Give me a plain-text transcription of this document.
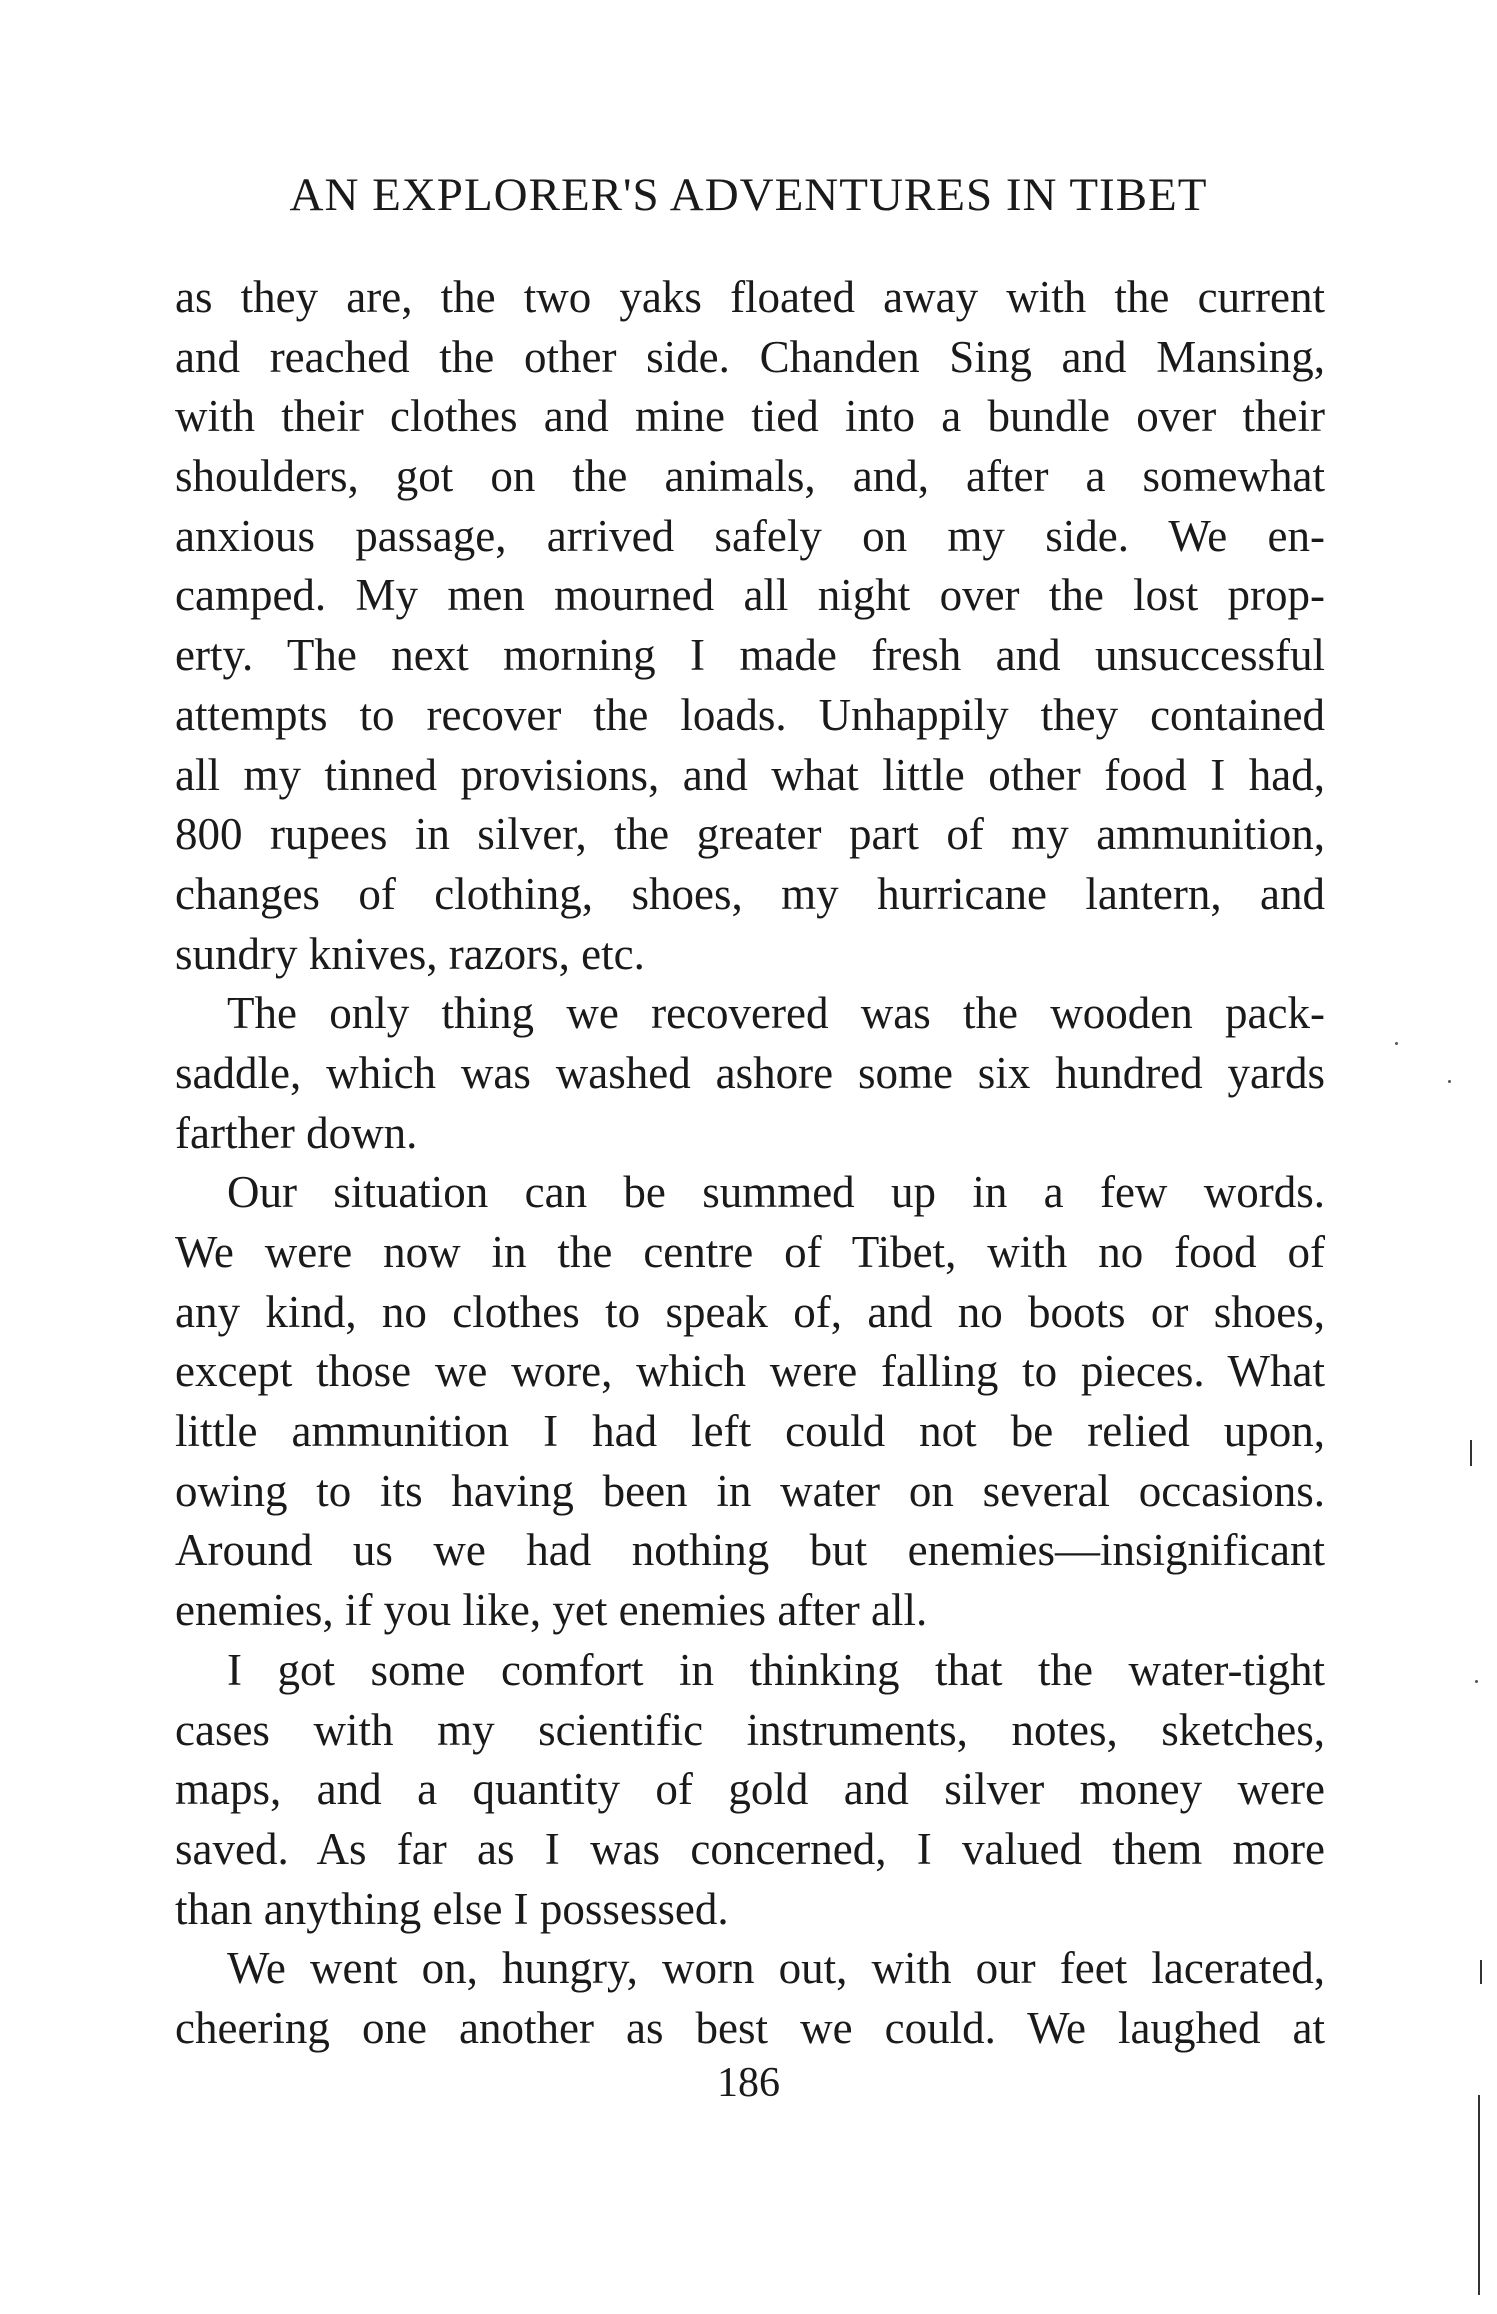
AN EXPLORER'S ADVENTURES IN TIBET
as they are, the two yaks floated away with the current
and reached the other side. Chanden Sing and Mansing,
with their clothes and mine tied into a bundle over their
shoulders, got on the animals, and, after a somewhat
anxious passage, arrived safely on my side. We en-
camped. My men mourned all night over the lost prop-
erty. The next morning I made fresh and unsuccessful
attempts to recover the loads. Unhappily they contained
all my tinned provisions, and what little other food I had,
800 rupees in silver, the greater part of my ammunition,
changes of clothing, shoes, my hurricane lantern, and
sundry knives, razors, etc.
The only thing we recovered was the wooden pack-
saddle, which was washed ashore some six hundred yards
farther down.
Our situation can be summed up in a few words.
We were now in the centre of Tibet, with no food of
any kind, no clothes to speak of, and no boots or shoes,
except those we wore, which were falling to pieces. What
little ammunition I had left could not be relied upon,
owing to its having been in water on several occasions.
Around us we had nothing but enemies—insignificant
enemies, if you like, yet enemies after all.
I got some comfort in thinking that the water-tight
cases with my scientific instruments, notes, sketches,
maps, and a quantity of gold and silver money were
saved. As far as I was concerned, I valued them more
than anything else I possessed.
We went on, hungry, worn out, with our feet lacerated,
cheering one another as best we could. We laughed at
186
